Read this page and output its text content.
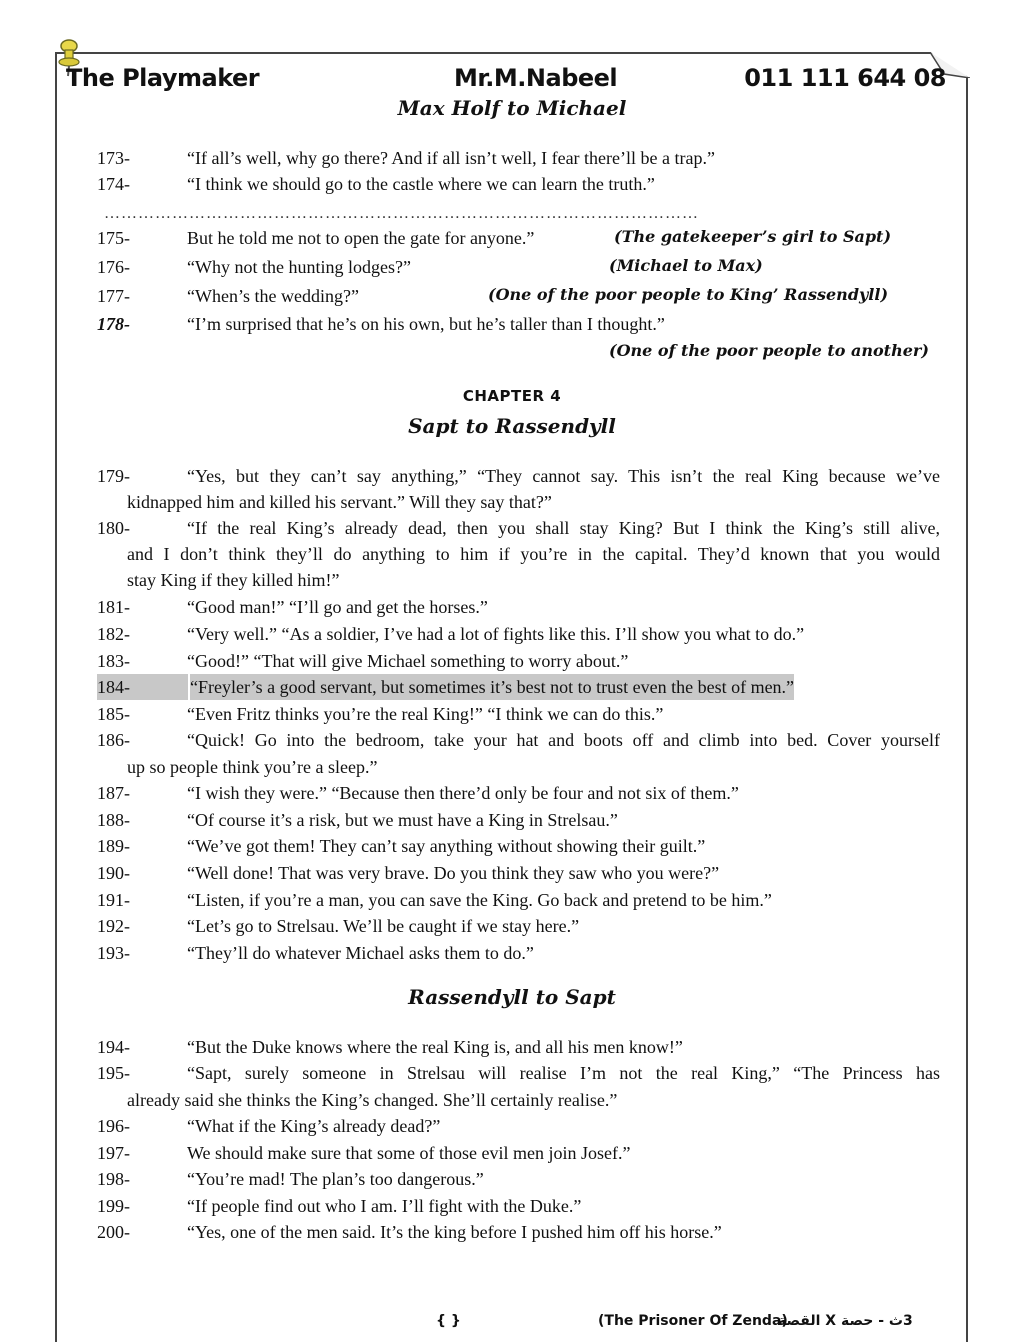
The Playmaker	Mr.M.Nabeel	011 111 644 08
Max Holf to Michael
173-	“If all’s well, why go there? And if all isn’t well, I fear there’ll be a trap.”
174-	“I think we should go to the castle where we can learn the truth.”
……………………………………………………………………………………………
175-	But he told me not to open the gate for anyone.”	(The gatekeeper’s girl to Sapt)
176-	“Why not the hunting lodges?”	(Michael to Max)
177-	“When’s the wedding?”	(One of the poor people to King’ Rassendyll)
178-	“I’m surprised that he’s on his own, but he’s taller than I thought.”
(One of the poor people to another)
CHAPTER 4
Sapt to Rassendyll
179-	“Yes, but they can’t say anything,” “They cannot say. This isn’t the real King because we’ve
kidnapped him and killed his servant.” Will they say that?”
180-	“If the real King’s already dead, then you shall stay King? But I think the King’s still alive,
and I don’t think they’ll do anything to him if you’re in the capital. They’d known that you would
stay King if they killed him!”
181-	“Good man!” “I’ll go and get the horses.”
182-	“Very well.” “As a soldier, I’ve had a lot of fights like this. I’ll show you what to do.”
183-	“Good!” “That will give Michael something to worry about.”
184-	“Freyler’s a good servant, but sometimes it’s best not to trust even the best of men.”
185-	“Even Fritz thinks you’re the real King!” “I think we can do this.”
186-	“Quick! Go into the bedroom, take your hat and boots off and climb into bed. Cover yourself
up so people think you’re a sleep.”
187-	“I wish they were.” “Because then there’d only be four and not six of them.”
188-	“Of course it’s a risk, but we must have a King in Strelsau.”
189-	“We’ve got them! They can’t say anything without showing their guilt.”
190-	“Well done! That was very brave. Do you think they saw who you were?”
191-	“Listen, if you’re a man, you can save the King. Go back and pretend to be him.”
192-	“Let’s go to Strelsau. We’ll be caught if we stay here.”
193-	“They’ll do whatever Michael asks them to do.”
Rassendyll to Sapt
194-	“But the Duke knows where the real King is, and all his men know!”
195-	“Sapt, surely someone in Strelsau will realise I’m not the real King,” “The Princess has
already said she thinks the King’s changed. She’ll certainly realise.”
196-	“What if the King’s already dead?”
197-	We should make sure that some of those evil men join Josef.”
198-	“You’re mad! The plan’s too dangerous.”
199-	“If people find out who I am. I’ll fight with the Duke.”
200-	“Yes, one of the men said. It’s the king before I pushed him off his horse.”
{ }	(The Prisoner Of Zenda)
3ث - حصة X القصة
